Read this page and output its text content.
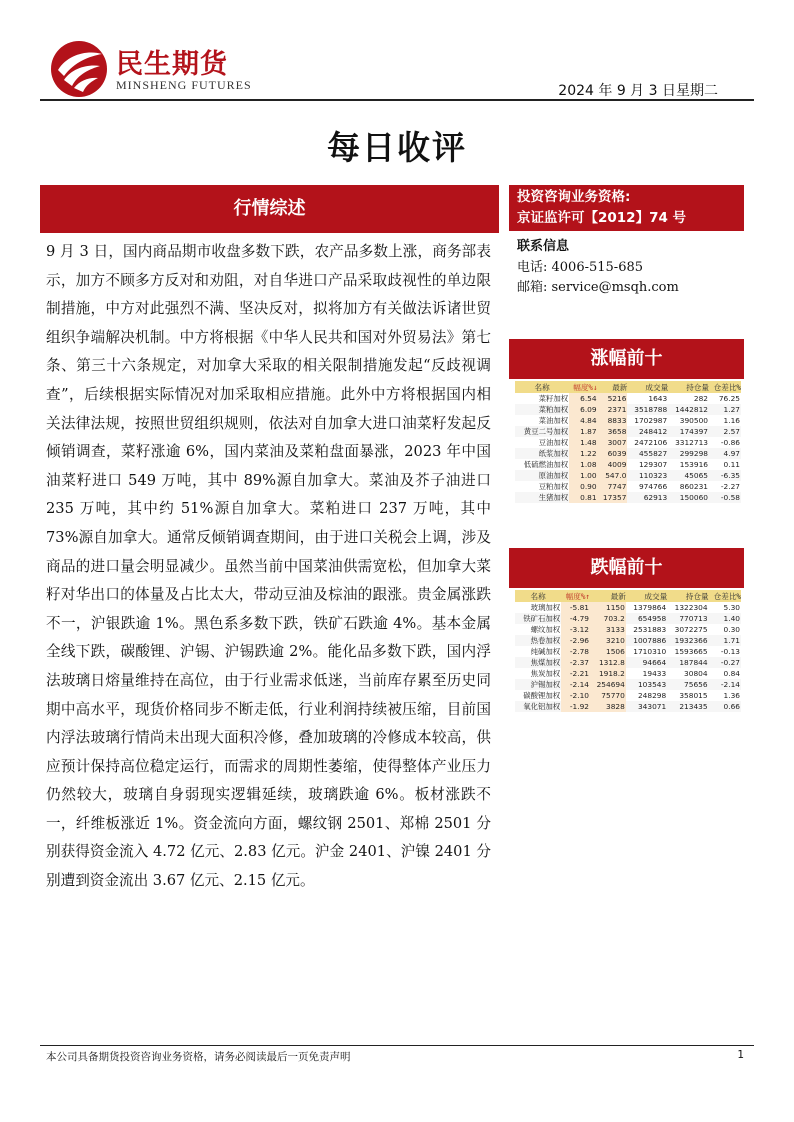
民生期货
MINSHENG FUTURES	2024 年 9 月 3 日星期二
每日收评
行情综述
9 月 3 日，国内商品期市收盘多数下跌，农产品多数上涨，商务部表示，加方不顾多方反对和劝阻，对自华进口产品采取歧视性的单边限制措施，中方对此强烈不满、坚决反对，拟将加方有关做法诉诸世贸组织争端解决机制。中方将根据《中华人民共和国对外贸易法》第七条、第三十六条规定，对加拿大采取的相关限制措施发起“反歧视调查”，后续根据实际情况对加采取相应措施。此外中方将根据国内相关法律法规，按照世贸组织规则，依法对自加拿大进口油菜籽发起反倾销调查，菜籽涨逾 6%，国内菜油及菜粕盘面暴涨，2023 年中国油菜籽进口 549 万吨，其中 89%源自加拿大。菜油及芥子油进口 235 万吨，其中约 51%源自加拿大。菜粕进口 237 万吨，其中 73%源自加拿大。通常反倾销调查期间，由于进口关税会上调，涉及商品的进口量会明显减少。虽然当前中国菜油供需宽松，但加拿大菜籽对华出口的体量及占比太大，带动豆油及棕油的跟涨。贵金属涨跌不一，沪银跌逾 1%。黑色系多数下跌，铁矿石跌逾 4%。基本金属全线下跌，碳酸锂、沪锡、沪锡跌逾 2%。能化品多数下跌，国内浮法玻璃日熔量维持在高位，由于行业需求低迷，当前库存累至历史同期中高水平，现货价格同步不断走低，行业利润持续被压缩，目前国内浮法玻璃行情尚未出现大面积冷修，叠加玻璃的冷修成本较高，供应预计保持高位稳定运行，而需求的周期性萎缩，使得整体产业压力仍然较大，玻璃自身弱现实逻辑延续，玻璃跌逾 6%。板材涨跌不一，纤维板涨近 1%。资金流向方面，螺纹钢 2501、郑棉 2501 分别获得资金流入 4.72 亿元、2.83 亿元。沪金 2401、沪镍 2401 分别遭到资金流出 3.67 亿元、2.15 亿元。
投资咨询业务资格:
京证监许可【2012】74 号
联系信息
电话: 4006-515-685
邮箱: service@msqh.com
涨幅前十
名称	幅度%↓	最新	成交量	持仓量	仓差比%
菜籽加权	6.54	5216	1643	282	76.25
菜粕加权	6.09	2371	3518788	1442812	1.27
菜油加权	4.84	8833	1702987	390500	1.16
黄豆二号加权	1.87	3658	248412	174397	2.57
豆油加权	1.48	3007	2472106	3312713	-0.86
纸浆加权	1.22	6039	455827	299298	4.97
低硫燃油加权	1.08	4009	129307	153916	0.11
原油加权	1.00	547.0	110323	45065	-6.35
豆粕加权	0.90	7747	974766	860231	-2.27
生猪加权	0.81	17357	62913	150060	-0.58
跌幅前十
名称	幅度%↑	最新	成交量	持仓量	仓差比%
玻璃加权	-5.81	1150	1379864	1322304	5.30
铁矿石加权	-4.79	703.2	654958	770713	1.40
螺纹加权	-3.12	3133	2531883	3072275	0.30
热卷加权	-2.96	3210	1007886	1932366	1.71
纯碱加权	-2.78	1506	1710310	1593665	-0.13
焦煤加权	-2.37	1312.8	94664	187844	-0.27
焦炭加权	-2.21	1918.2	19433	30804	0.84
沪锡加权	-2.14	254694	103543	75656	-2.14
碳酸锂加权	-2.10	75770	248298	358015	1.36
氧化铝加权	-1.92	3828	343071	213435	0.66
本公司具备期货投资咨询业务资格，请务必阅读最后一页免责声明	1
